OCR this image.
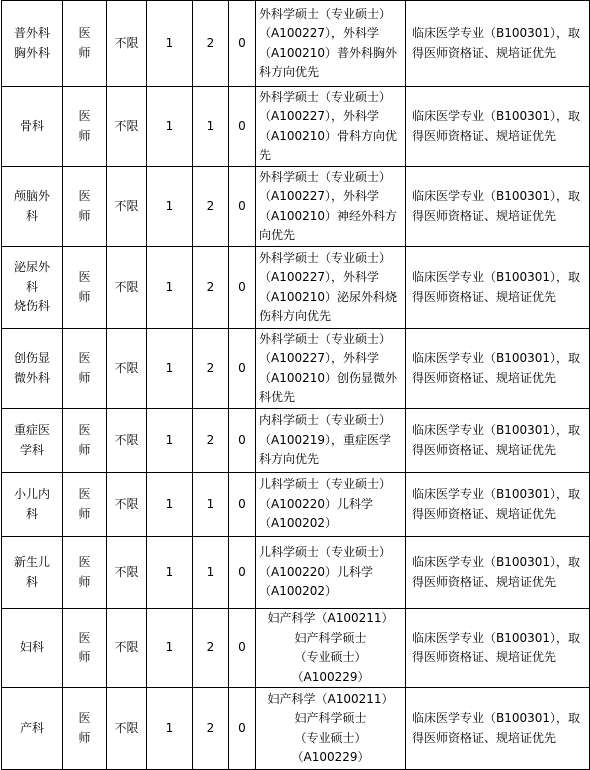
普外科
胸外科	医
师	不限	1	2	0	外科学硕士（专业硕士）
（A100227），外科学
（A100210）普外科胸外
科方向优先	临床医学专业（B100301），取
得医师资格证、规培证优先

骨科	医
师	不限	1	1	0	外科学硕士（专业硕士）
（A100227），外科学
（A100210）骨科方向优
先	临床医学专业（B100301），取
得医师资格证、规培证优先

颅脑外
科	医
师	不限	1	2	0	外科学硕士（专业硕士）
（A100227），外科学
（A100210）神经外科方
向优先	临床医学专业（B100301），取
得医师资格证、规培证优先

泌尿外
科
烧伤科	医
师	不限	1	2	0	外科学硕士（专业硕士）
（A100227），外科学
（A100210）泌尿外科烧
伤科方向优先	临床医学专业（B100301），取
得医师资格证、规培证优先

创伤显
微外科	医
师	不限	1	2	0	外科学硕士（专业硕士）
（A100227），外科学
（A100210）创伤显微外
科优先	临床医学专业（B100301），取
得医师资格证、规培证优先

重症医
学科	医
师	不限	1	2	0	内科学硕士（专业硕士）
（A100219），重症医学
科方向优先	临床医学专业（B100301），取
得医师资格证、规培证优先

小儿内
科	医
师	不限	1	1	0	儿科学硕士（专业硕士）
（A100220）儿科学
（A100202）	临床医学专业（B100301），取
得医师资格证、规培证优先

新生儿
科	医
师	不限	1	1	0	儿科学硕士（专业硕士）
（A100220）儿科学
（A100202）	临床医学专业（B100301），取
得医师资格证、规培证优先

妇科	医
师	不限	1	2	0	妇产科学（A100211）
妇产科学硕士
（专业硕士）
（A100229）	临床医学专业（B100301），取
得医师资格证、规培证优先

产科	医
师	不限	1	2	0	妇产科学（A100211）
妇产科学硕士
（专业硕士）
（A100229）	临床医学专业（B100301），取
得医师资格证、规培证优先
